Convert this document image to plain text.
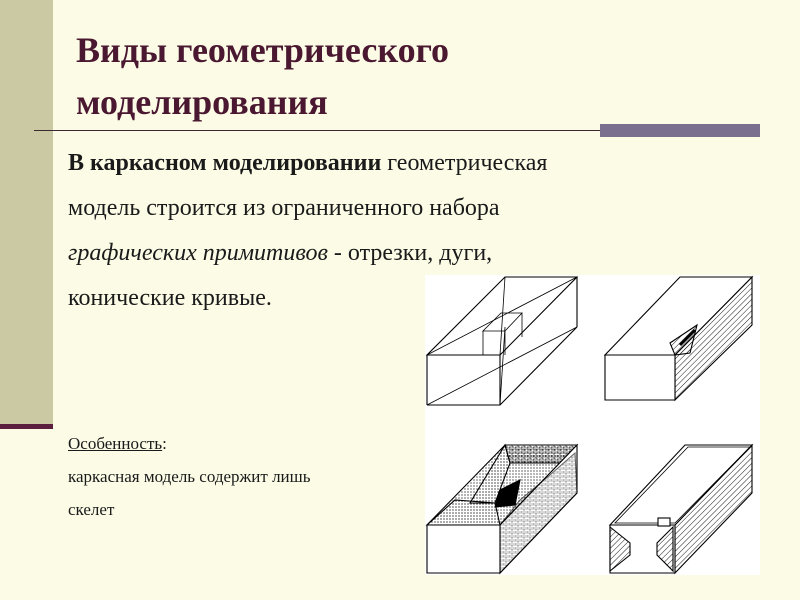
Виды геометрического
моделирования
В каркасном моделировании геометрическая
модель строится из ограниченного набора
графических примитивов - отрезки, дуги,
конические кривые.
Особенность:
каркасная модель содержит лишь
скелет
